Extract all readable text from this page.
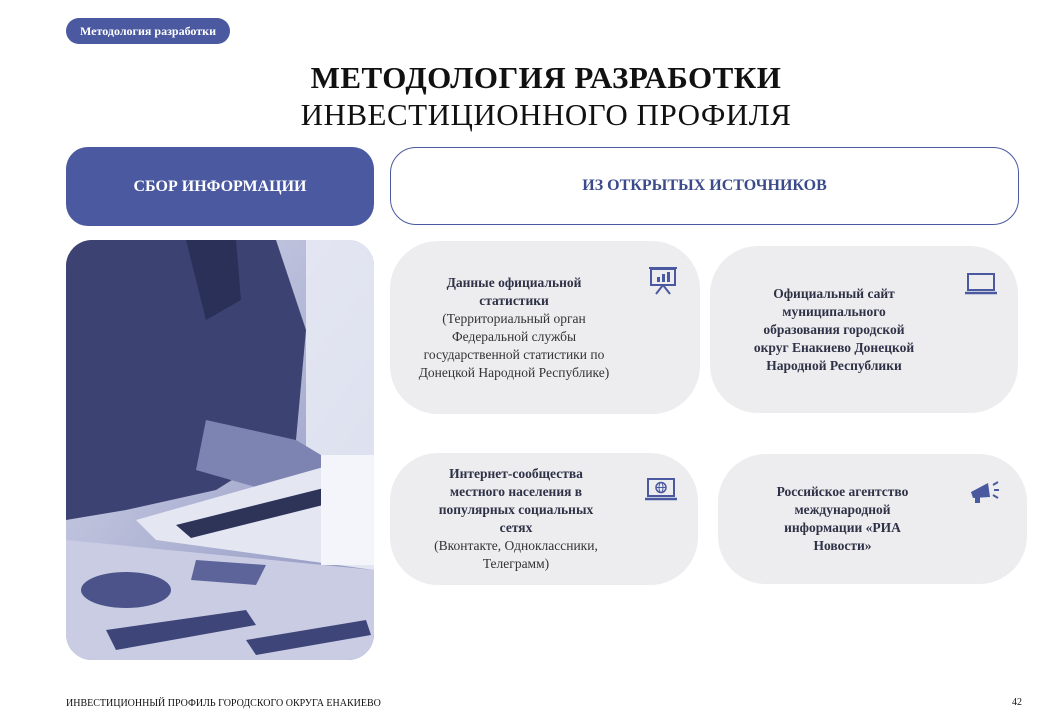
Методология разработки
МЕТОДОЛОГИЯ РАЗРАБОТКИ
ИНВЕСТИЦИОННОГО ПРОФИЛЯ
СБОР ИНФОРМАЦИИ	ИЗ ОТКРЫТЫХ ИСТОЧНИКОВ
Данные официальной статистики
(Территориальный орган Федеральной службы государственной статистики по Донецкой Народной Республике)
Официальный сайт муниципального образования городской округ Енакиево Донецкой Народной Республики
Интернет-сообщества местного населения в популярных социальных сетях
(Вконтакте, Одноклассники, Телеграмм)
Российское агентство международной информации «РИА Новости»
ИНВЕСТИЦИОННЫЙ ПРОФИЛЬ ГОРОДСКОГО ОКРУГА ЕНАКИЕВО	42
